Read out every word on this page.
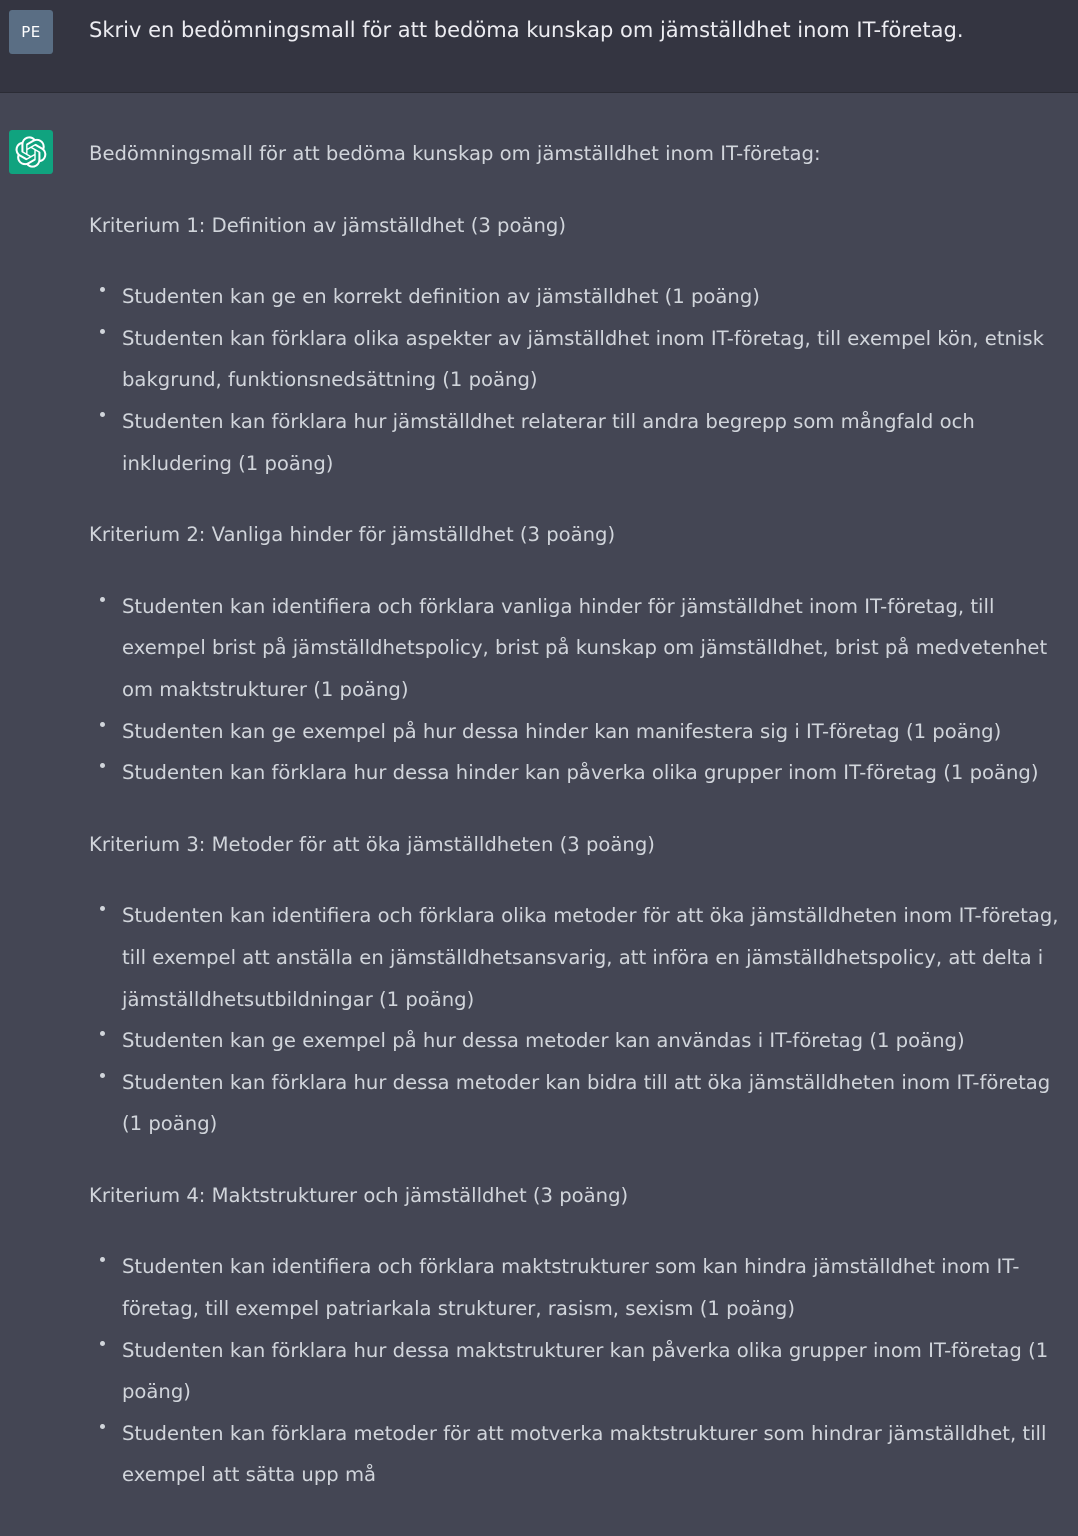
PE Skriv en bedömningsmall för att bedöma kunskap om jämställdhet inom IT-företag.

Bedömningsmall för att bedöma kunskap om jämställdhet inom IT-företag:

Kriterium 1: Definition av jämställdhet (3 poäng)

Studenten kan ge en korrekt definition av jämställdhet (1 poäng)
Studenten kan förklara olika aspekter av jämställdhet inom IT-företag, till exempel kön, etnisk bakgrund, funktionsnedsättning (1 poäng)
Studenten kan förklara hur jämställdhet relaterar till andra begrepp som mångfald och inkludering (1 poäng)

Kriterium 2: Vanliga hinder för jämställdhet (3 poäng)

Studenten kan identifiera och förklara vanliga hinder för jämställdhet inom IT-företag, till exempel brist på jämställdhetspolicy, brist på kunskap om jämställdhet, brist på medvetenhet om maktstrukturer (1 poäng)
Studenten kan ge exempel på hur dessa hinder kan manifestera sig i IT-företag (1 poäng)
Studenten kan förklara hur dessa hinder kan påverka olika grupper inom IT-företag (1 poäng)

Kriterium 3: Metoder för att öka jämställdheten (3 poäng)

Studenten kan identifiera och förklara olika metoder för att öka jämställdheten inom IT-företag, till exempel att anställa en jämställdhetsansvarig, att införa en jämställdhetspolicy, att delta i jämställdhetsutbildningar (1 poäng)
Studenten kan ge exempel på hur dessa metoder kan användas i IT-företag (1 poäng)
Studenten kan förklara hur dessa metoder kan bidra till att öka jämställdheten inom IT-företag (1 poäng)

Kriterium 4: Maktstrukturer och jämställdhet (3 poäng)

Studenten kan identifiera och förklara maktstrukturer som kan hindra jämställdhet inom IT-företag, till exempel patriarkala strukturer, rasism, sexism (1 poäng)
Studenten kan förklara hur dessa maktstrukturer kan påverka olika grupper inom IT-företag (1 poäng)
Studenten kan förklara metoder för att motverka maktstrukturer som hindrar jämställdhet, till exempel att sätta upp må
